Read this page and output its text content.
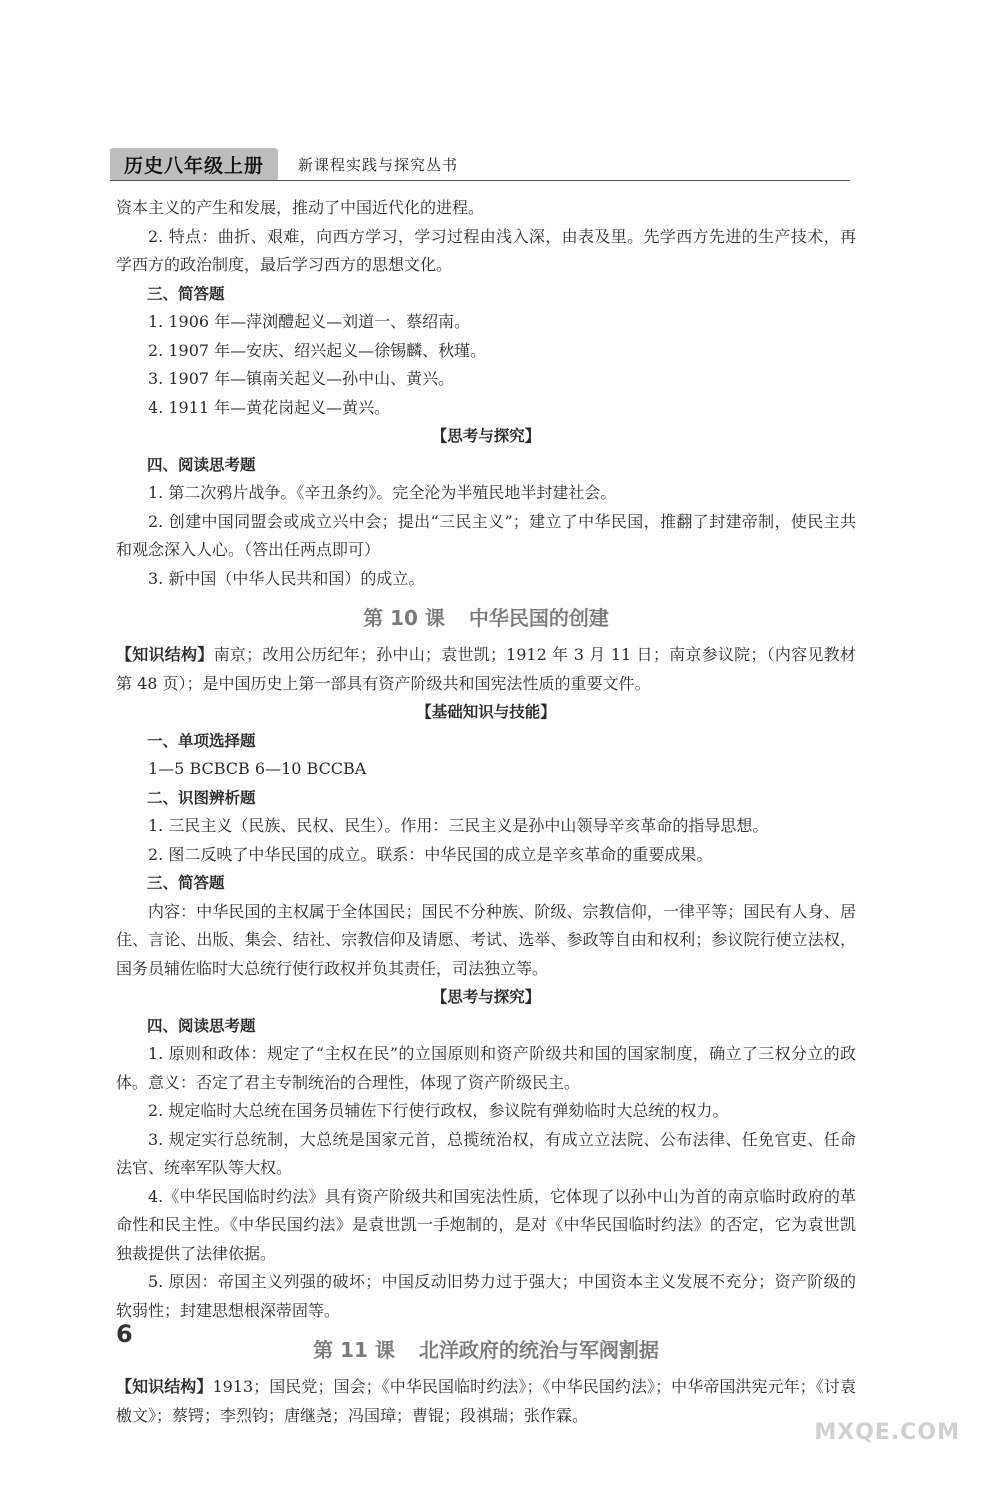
历史八年级上册	新课程实践与探究丛书

资本主义的产生和发展，推动了中国近代化的进程。

2. 特点：曲折、艰难，向西方学习，学习过程由浅入深，由表及里。先学西方先进的生产技术，再学西方的政治制度，最后学习西方的思想文化。

三、简答题

1. 1906 年—萍浏醴起义—刘道一、蔡绍南。

2. 1907 年—安庆、绍兴起义—徐锡麟、秋瑾。

3. 1907 年—镇南关起义—孙中山、黄兴。

4. 1911 年—黄花岗起义—黄兴。

【思考与探究】

四、阅读思考题

1. 第二次鸦片战争。《辛丑条约》。完全沦为半殖民地半封建社会。

2. 创建中国同盟会或成立兴中会；提出“三民主义”；建立了中华民国，推翻了封建帝制，使民主共和观念深入人心。（答出任两点即可）

3. 新中国（中华人民共和国）的成立。

第 10 课 中华民国的创建

【知识结构】南京；改用公历纪年；孙中山；袁世凯；1912 年 3 月 11 日；南京参议院；（内容见教材第 48 页）；是中国历史上第一部具有资产阶级共和国宪法性质的重要文件。

【基础知识与技能】

一、单项选择题

1—5 BCBCB 6—10 BCCBA

二、识图辨析题

1. 三民主义（民族、民权、民生）。作用：三民主义是孙中山领导辛亥革命的指导思想。

2. 图二反映了中华民国的成立。联系：中华民国的成立是辛亥革命的重要成果。

三、简答题

内容：中华民国的主权属于全体国民；国民不分种族、阶级、宗教信仰，一律平等；国民有人身、居住、言论、出版、集会、结社、宗教信仰及请愿、考试、选举、参政等自由和权利；参议院行使立法权，国务员辅佐临时大总统行使行政权并负其责任，司法独立等。

【思考与探究】

四、阅读思考题

1. 原则和政体：规定了“主权在民”的立国原则和资产阶级共和国的国家制度，确立了三权分立的政体。意义：否定了君主专制统治的合理性，体现了资产阶级民主。

2. 规定临时大总统在国务员辅佐下行使行政权，参议院有弹劾临时大总统的权力。

3. 规定实行总统制，大总统是国家元首，总揽统治权，有成立立法院、公布法律、任免官吏、任命法官、统率军队等大权。

4.《中华民国临时约法》具有资产阶级共和国宪法性质，它体现了以孙中山为首的南京临时政府的革命性和民主性。《中华民国约法》是袁世凯一手炮制的，是对《中华民国临时约法》的否定，它为袁世凯独裁提供了法律依据。

5. 原因：帝国主义列强的破坏；中国反动旧势力过于强大；中国资本主义发展不充分；资产阶级的软弱性；封建思想根深蒂固等。

第 11 课 北洋政府的统治与军阀割据

【知识结构】1913；国民党；国会；《中华民国临时约法》；《中华民国约法》；中华帝国洪宪元年；《讨袁檄文》；蔡锷；李烈钧；唐继尧；冯国璋；曹锟；段祺瑞；张作霖。

6
MXQE.COM
